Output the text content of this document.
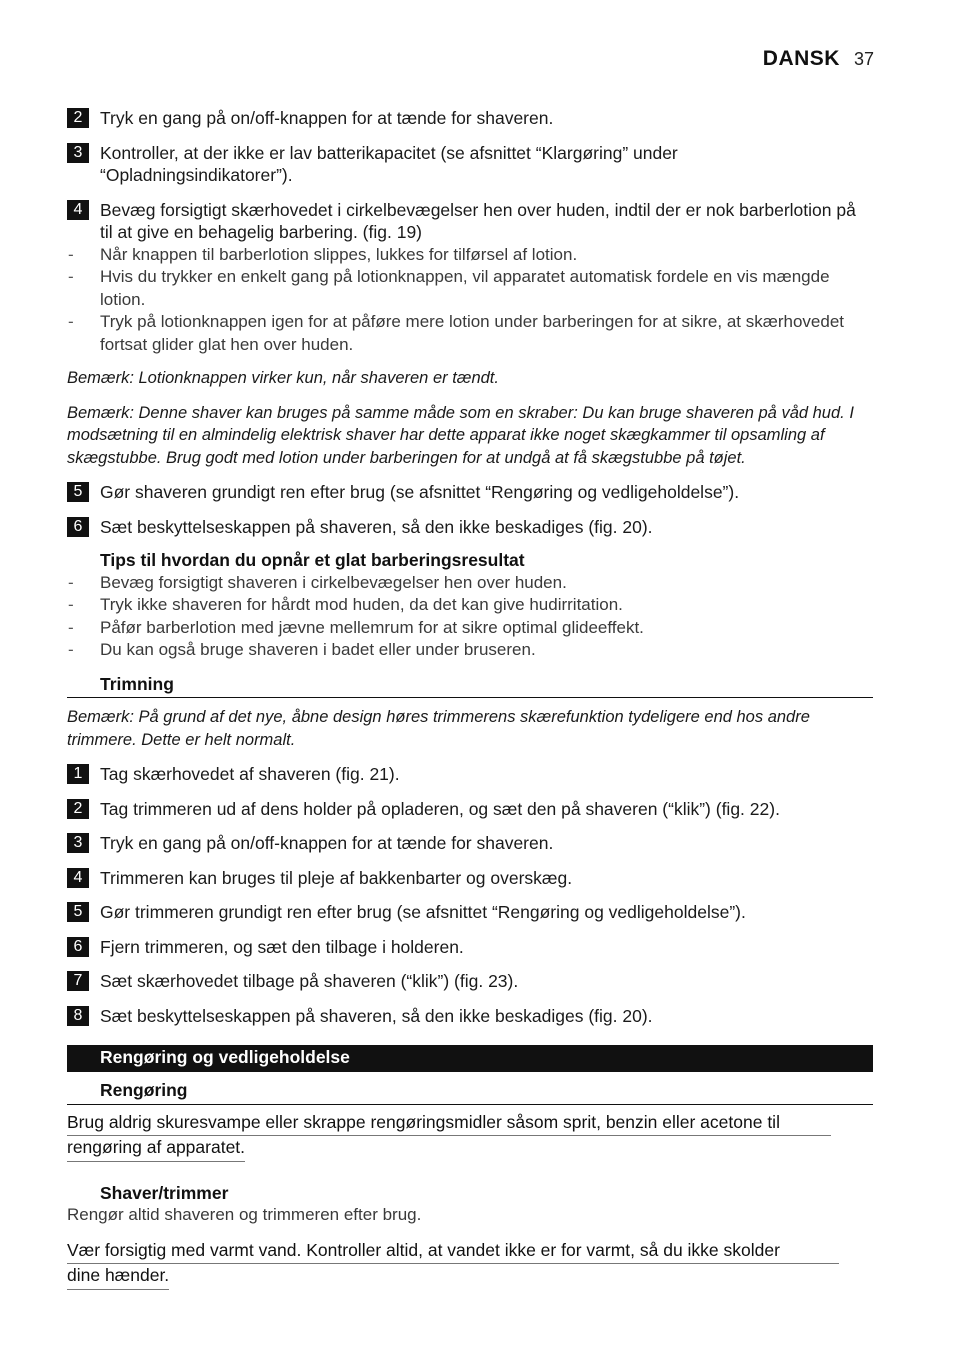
DANSK 37
2	Tryk en gang på on/off-knappen for at tænde for shaveren.
3	Kontroller, at der ikke er lav batterikapacitet (se afsnittet “Klargøring” under “Opladningsindikatorer”).
4	Bevæg forsigtigt skærhovedet i cirkelbevægelser hen over huden, indtil der er nok barberlotion på til at give en behagelig barbering. (fig. 19)
- Når knappen til barberlotion slippes, lukkes for tilførsel af lotion.
- Hvis du trykker en enkelt gang på lotionknappen, vil apparatet automatisk fordele en vis mængde lotion.
- Tryk på lotionknappen igen for at påføre mere lotion under barberingen for at sikre, at skærhovedet fortsat glider glat hen over huden.
Bemærk: Lotionknappen virker kun, når shaveren er tændt.
Bemærk: Denne shaver kan bruges på samme måde som en skraber: Du kan bruge shaveren på våd hud. I modsætning til en almindelig elektrisk shaver har dette apparat ikke noget skægkammer til opsamling af skægstubbe. Brug godt med lotion under barberingen for at undgå at få skægstubbe på tøjet.
5	Gør shaveren grundigt ren efter brug (se afsnittet “Rengøring og vedligeholdelse”).
6	Sæt beskyttelseskappen på shaveren, så den ikke beskadiges (fig. 20).
Tips til hvordan du opnår et glat barberingsresultat
- Bevæg forsigtigt shaveren i cirkelbevægelser hen over huden.
- Tryk ikke shaveren for hårdt mod huden, da det kan give hudirritation.
- Påfør barberlotion med jævne mellemrum for at sikre optimal glideeffekt.
- Du kan også bruge shaveren i badet eller under bruseren.
Trimning
Bemærk: På grund af det nye, åbne design høres trimmerens skærefunktion tydeligere end hos andre trimmere. Dette er helt normalt.
1	Tag skærhovedet af shaveren (fig. 21).
2	Tag trimmeren ud af dens holder på opladeren, og sæt den på shaveren (“klik”) (fig. 22).
3	Tryk en gang på on/off-knappen for at tænde for shaveren.
4	Trimmeren kan bruges til pleje af bakkenbarter og overskæg.
5	Gør trimmeren grundigt ren efter brug (se afsnittet “Rengøring og vedligeholdelse”).
6	Fjern trimmeren, og sæt den tilbage i holderen.
7	Sæt skærhovedet tilbage på shaveren (“klik”) (fig. 23).
8	Sæt beskyttelseskappen på shaveren, så den ikke beskadiges (fig. 20).
Rengøring og vedligeholdelse
Rengøring
Brug aldrig skuresvampe eller skrappe rengøringsmidler såsom sprit, benzin eller acetone til
rengøring af apparatet.
Shaver/trimmer
Rengør altid shaveren og trimmeren efter brug.
Vær forsigtig med varmt vand. Kontroller altid, at vandet ikke er for varmt, så du ikke skolder
dine hænder.
